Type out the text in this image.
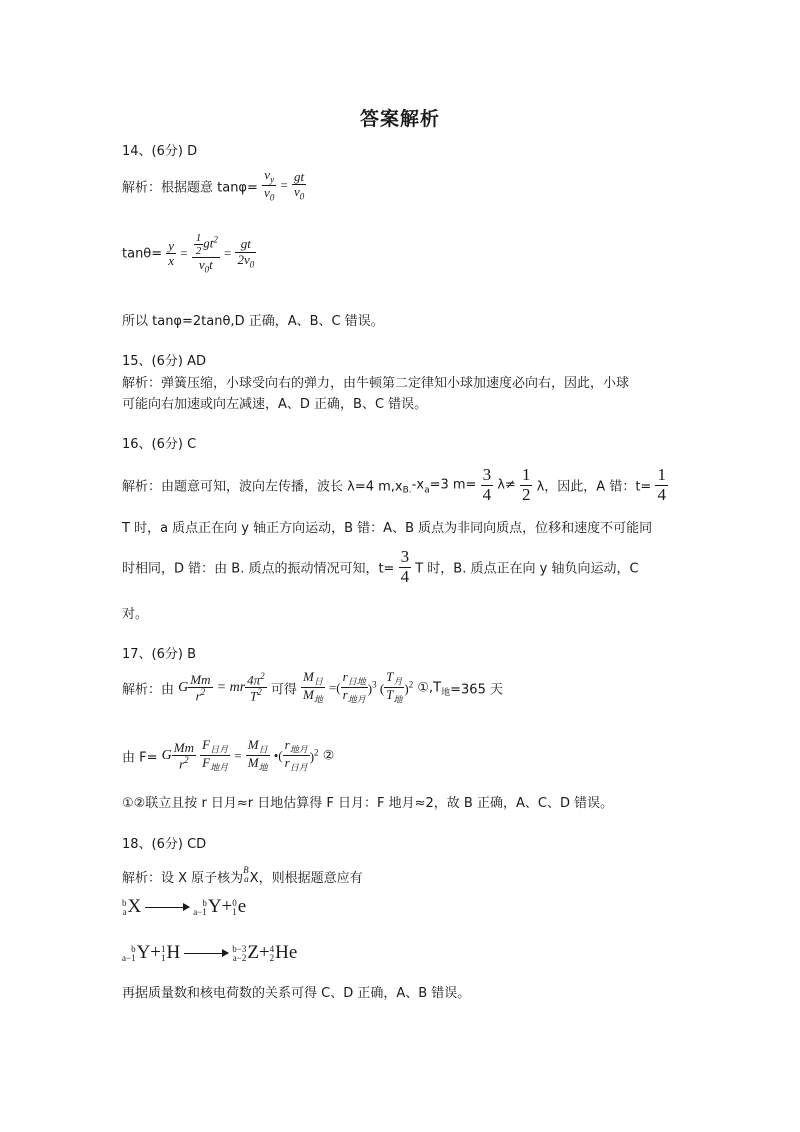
答案解析
14、(6分) D
解析：根据题意 $\tan\varphi= \frac{v_y}{v_0} = \frac{gt}{v_0}$
$\tan\theta= \frac{y}{x} = \frac{\frac{1}{2} gt^2}{v_0t} = \frac{gt}{2v_0}$
所以 tanφ=2tanθ,D 正确，A、B、C 错误。
15、(6分) AD
解析：弹簧压缩，小球受向右的弹力，由牛顿第二定律知小球加速度必向右，因此，小球
可能向右加速或向左减速，A、D 正确，B、C 错误。
16、(6分) C
解析：由题意可知，波向左传播，波长 λ=4 $m,x_{B.}-x_a=3$ $m= \frac{3}{4} \lambda\ne \frac{1}{2}$ λ，因此，A 错：$t= \frac{1}{4}$
T 时，a 质点正在向 y 轴正方向运动，B 错：A、B 质点为非同向质点，位移和速度不可能同
时相同，D 错：由 B. 质点的振动情况可知，$t= \frac{3}{4}$ T 时，B. 质点正在向 y 轴负向运动，C
对。
17、(6分) B
解析：由 G $\frac{Mm}{r^2}$ = mr $\frac{4\pi^2}{T^2}$ 可得 $\frac{M_日}{M_地}$ =( $\frac{r_{日地}}{r_{地月}} )^3$ ( $\frac{T_月}{T_地} )^2$ $①,T_地=365$ 天
由 F= G $\frac{Mm}{r^2}$
$\frac{F_{日月}}{F_{地月}} = \frac{M_日}{M_地}$ •( $\frac{r_{地月}}{r_{日月}} )^2$ ②
①②联立且按 r 日月≈r 日地估算得 F 日月：F 地月≈2，故 B 正确，A、C、D 错误。
18、(6分) CD
解析：设 X 原子核为B
aX，则根据题意应有
b
aX	b
a−1Y+0
1e
b
a−1Y+1
1H	b−3
a−2Z+4
2He
再据质量数和核电荷数的关系可得 C、D 正确，A、B 错误。
